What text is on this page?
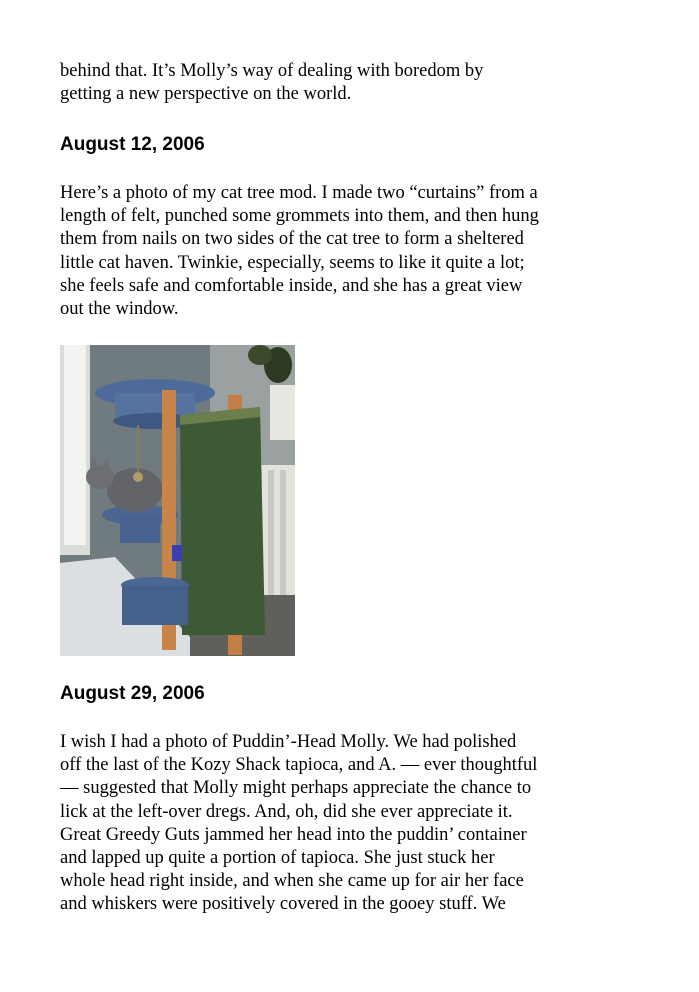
behind that. It’s Molly’s way of dealing with boredom by
getting a new perspective on the world.

August 12, 2006

Here’s a photo of my cat tree mod. I made two “curtains” from a
length of felt, punched some grommets into them, and then hung
them from nails on two sides of the cat tree to form a sheltered
little cat haven. Twinkie, especially, seems to like it quite a lot;
she feels safe and comfortable inside, and she has a great view
out the window.

August 29, 2006

I wish I had a photo of Puddin’-Head Molly. We had polished
off the last of the Kozy Shack tapioca, and A. — ever thoughtful
— suggested that Molly might perhaps appreciate the chance to
lick at the left-over dregs. And, oh, did she ever appreciate it.
Great Greedy Guts jammed her head into the puddin’ container
and lapped up quite a portion of tapioca. She just stuck her
whole head right inside, and when she came up for air her face
and whiskers were positively covered in the gooey stuff. We
